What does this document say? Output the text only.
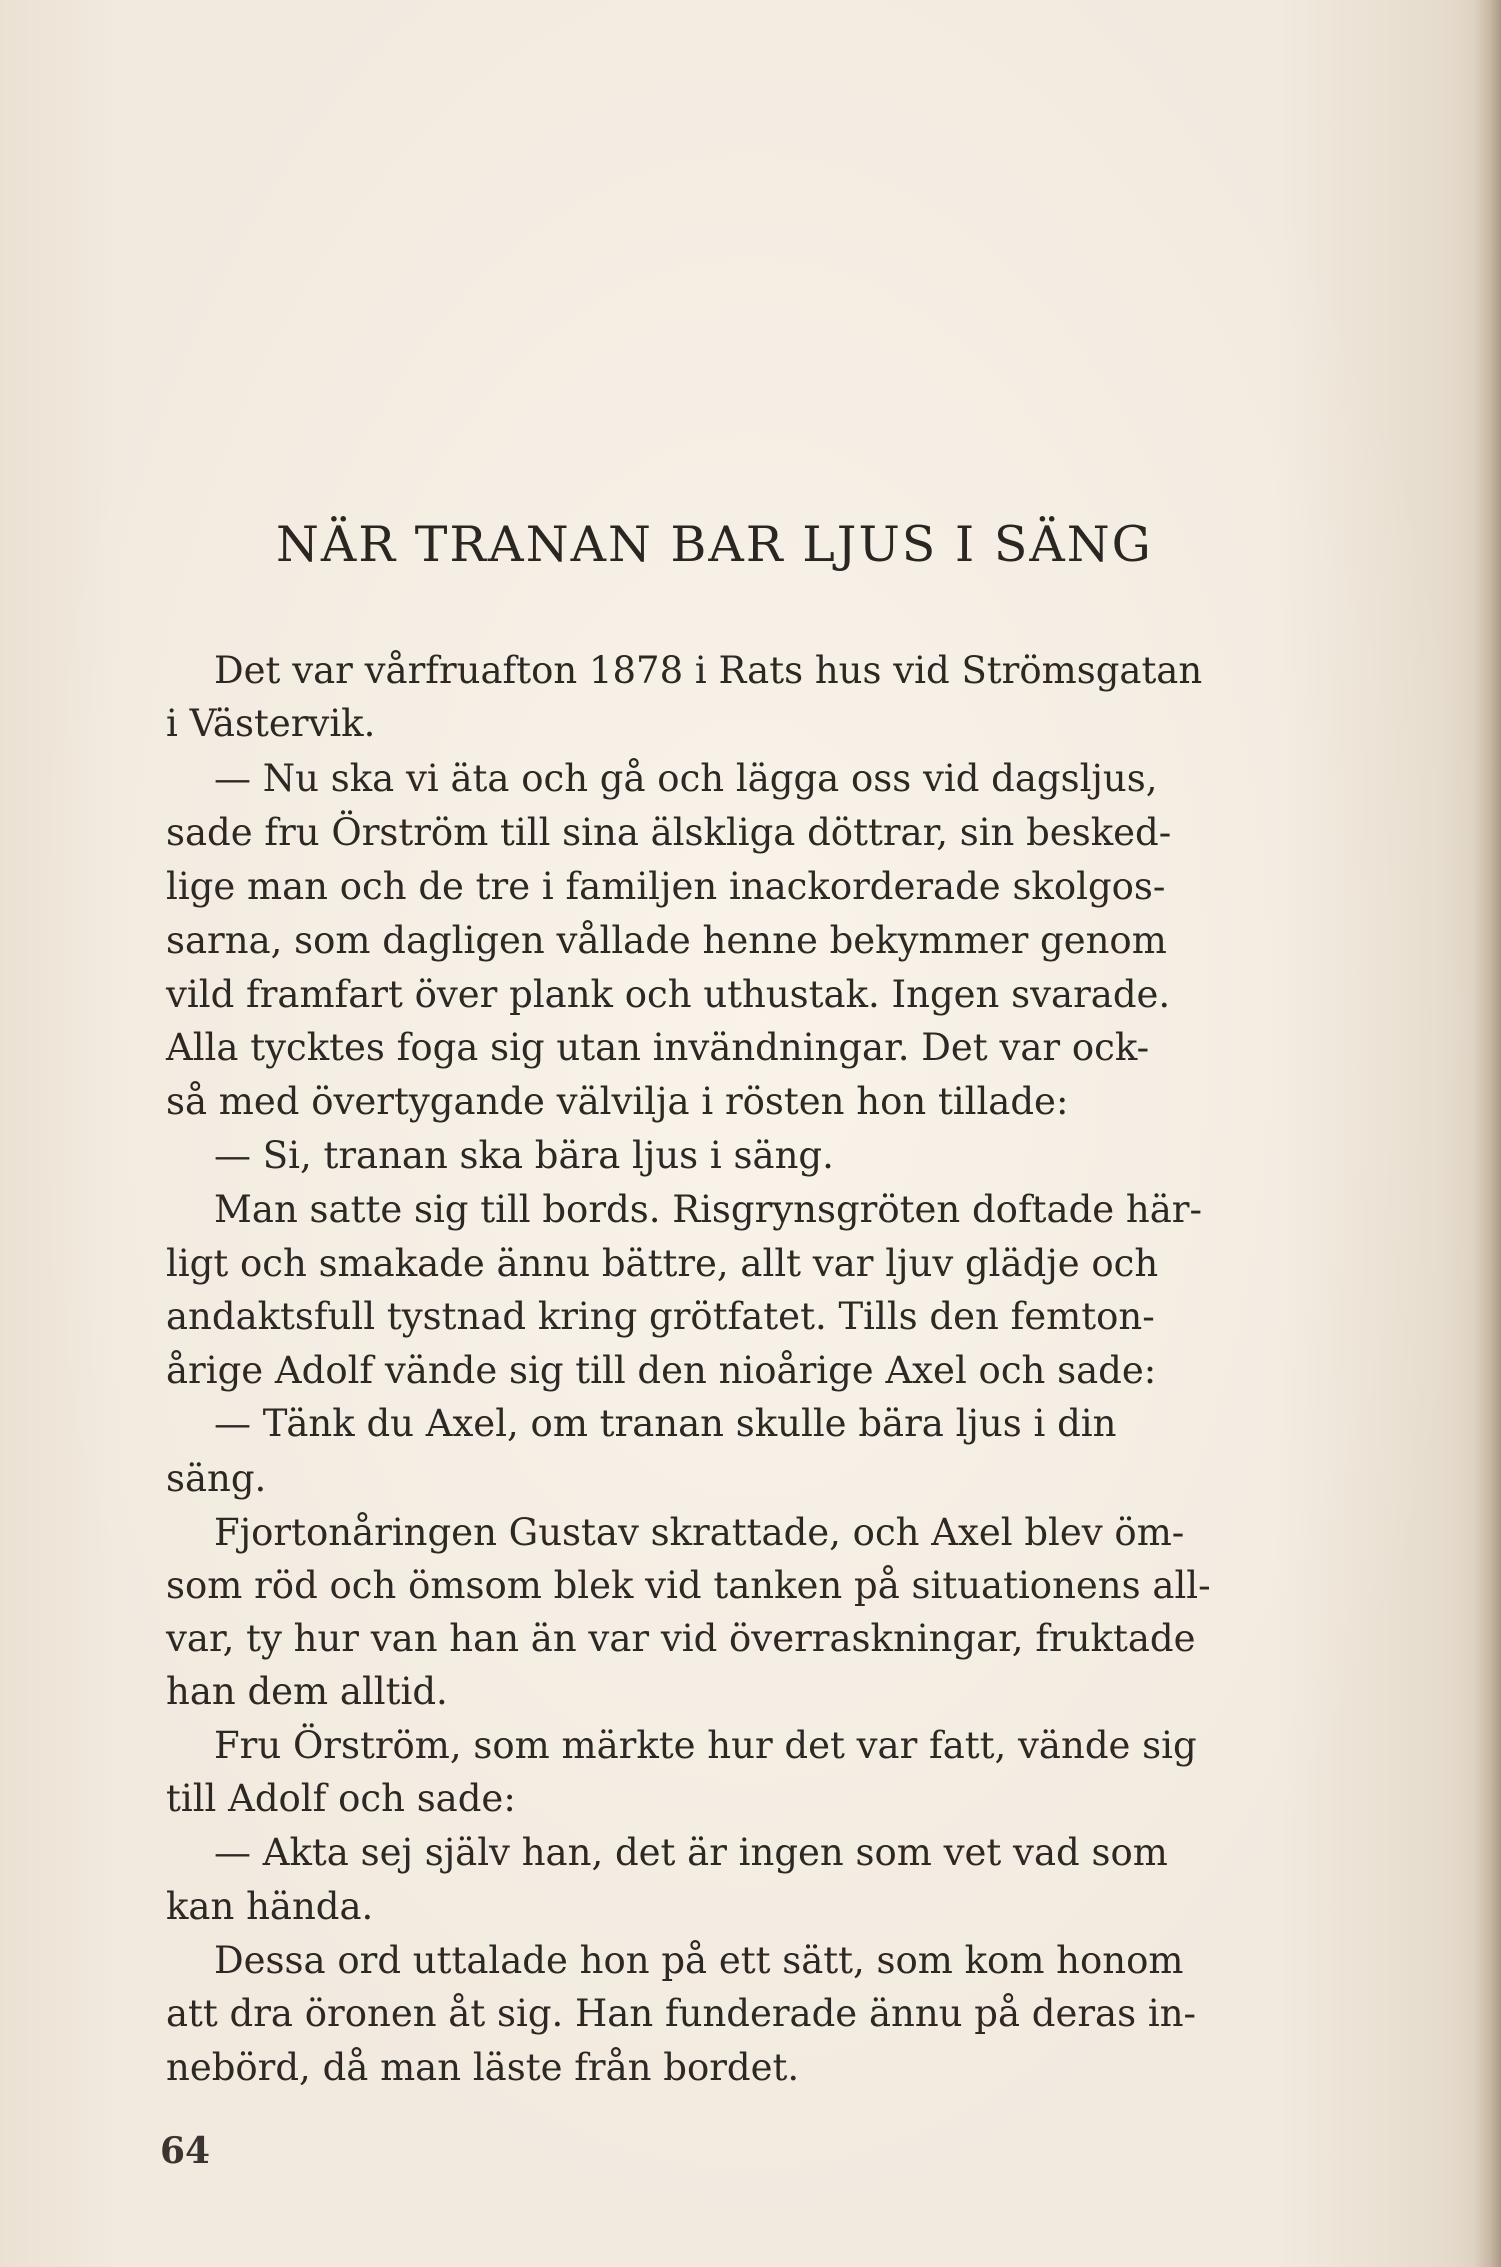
NÄR TRANAN BAR LJUS I SÄNG
Det var vårfruafton 1878 i Rats hus vid Strömsgatan
i Västervik.
— Nu ska vi äta och gå och lägga oss vid dagsljus,
sade fru Örström till sina älskliga döttrar, sin besked-
lige man och de tre i familjen inackorderade skolgos-
sarna, som dagligen vållade henne bekymmer genom
vild framfart över plank och uthustak. Ingen svarade.
Alla tycktes foga sig utan invändningar. Det var ock-
så med övertygande välvilja i rösten hon tillade:
— Si, tranan ska bära ljus i säng.
Man satte sig till bords. Risgrynsgröten doftade här-
ligt och smakade ännu bättre, allt var ljuv glädje och
andaktsfull tystnad kring grötfatet. Tills den femton-
årige Adolf vände sig till den nioårige Axel och sade:
— Tänk du Axel, om tranan skulle bära ljus i din
säng.
Fjortonåringen Gustav skrattade, och Axel blev öm-
som röd och ömsom blek vid tanken på situationens all-
var, ty hur van han än var vid överraskningar, fruktade
han dem alltid.
Fru Örström, som märkte hur det var fatt, vände sig
till Adolf och sade:
— Akta sej själv han, det är ingen som vet vad som
kan hända.
Dessa ord uttalade hon på ett sätt, som kom honom
att dra öronen åt sig. Han funderade ännu på deras in-
nebörd, då man läste från bordet.
64
